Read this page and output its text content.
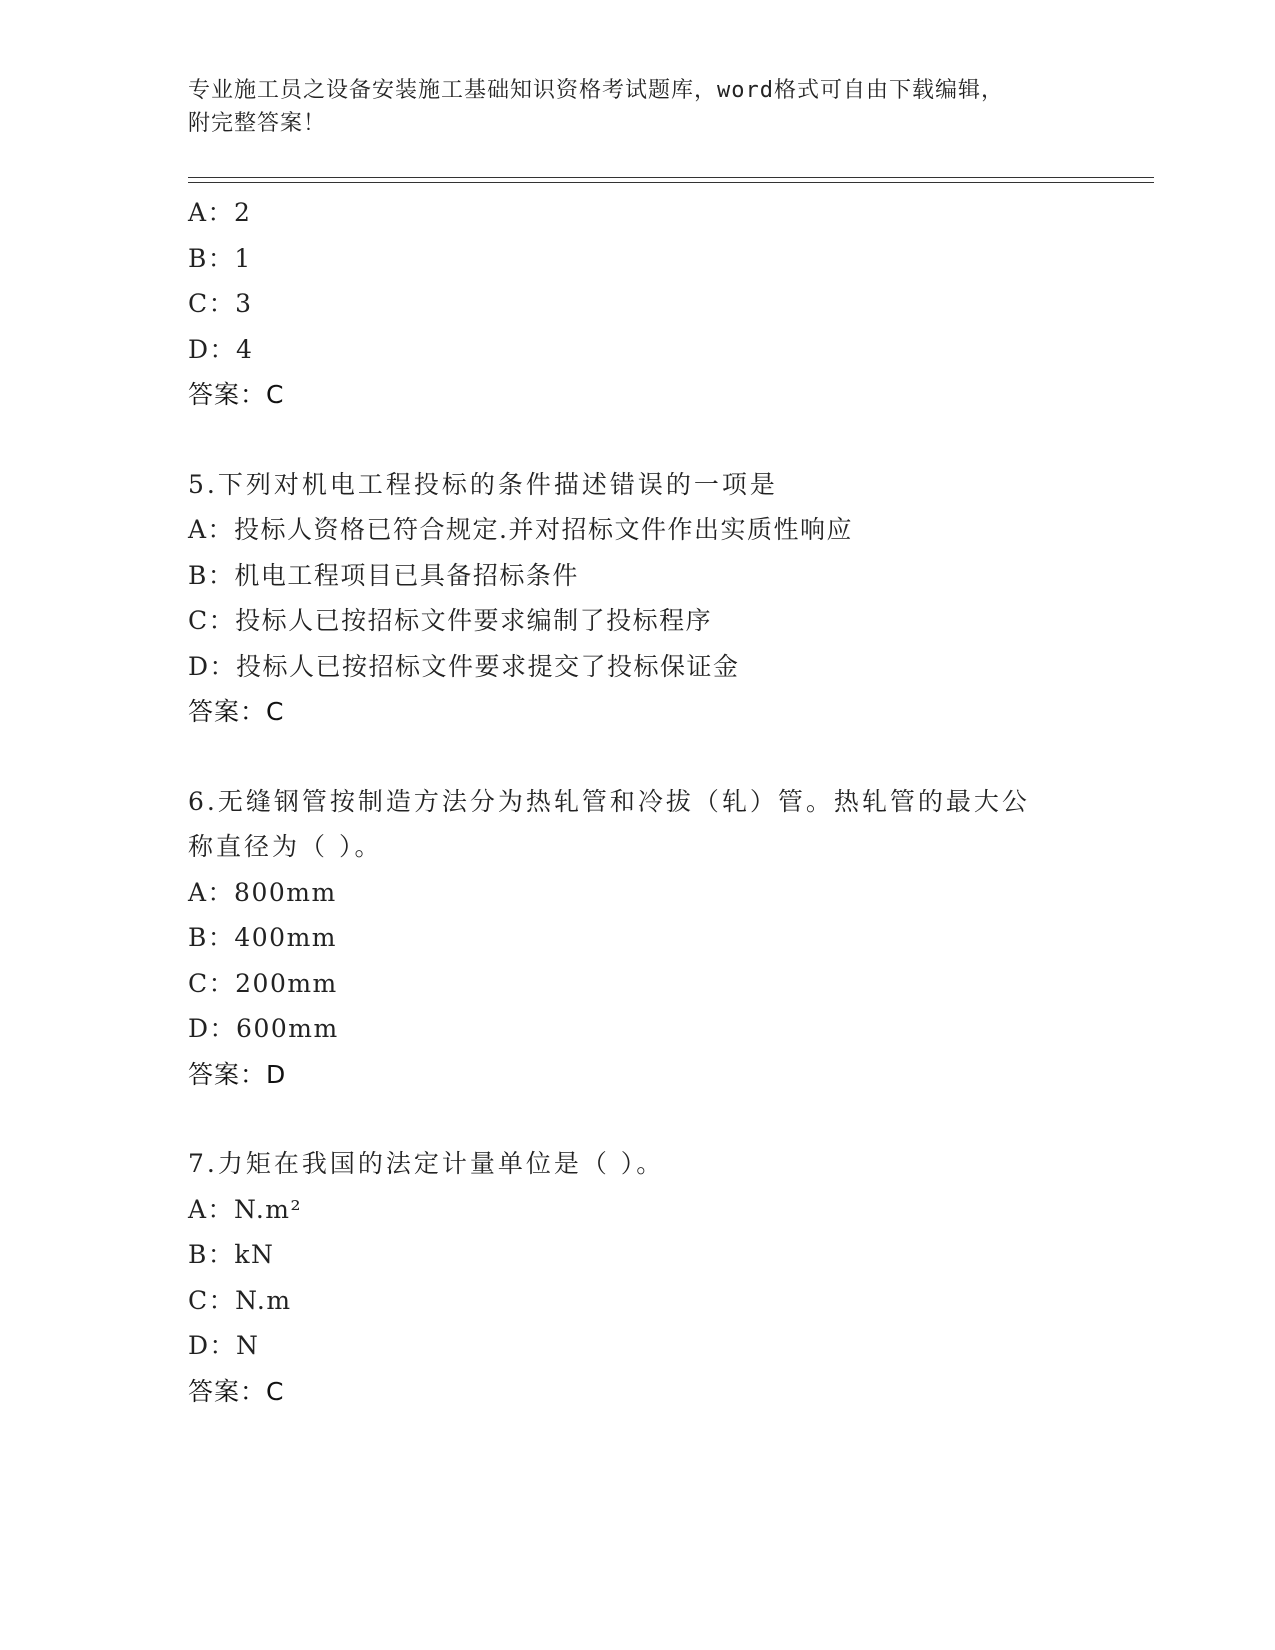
专业施工员之设备安装施工基础知识资格考试题库，word格式可自由下载编辑，
附完整答案！
A：2
B：1
C：3
D：4
答案：C
5.下列对机电工程投标的条件描述错误的一项是
A：投标人资格已符合规定.并对招标文件作出实质性响应
B：机电工程项目已具备招标条件
C：投标人已按招标文件要求编制了投标程序
D：投标人已按招标文件要求提交了投标保证金
答案：C
6.无缝钢管按制造方法分为热轧管和冷拔（轧）管。热轧管的最大公
称直径为（ ）。
A：800mm
B：400mm
C：200mm
D：600mm
答案：D
7.力矩在我国的法定计量单位是（ ）。
A：N.m²
B：kN
C：N.m
D：N
答案：C
